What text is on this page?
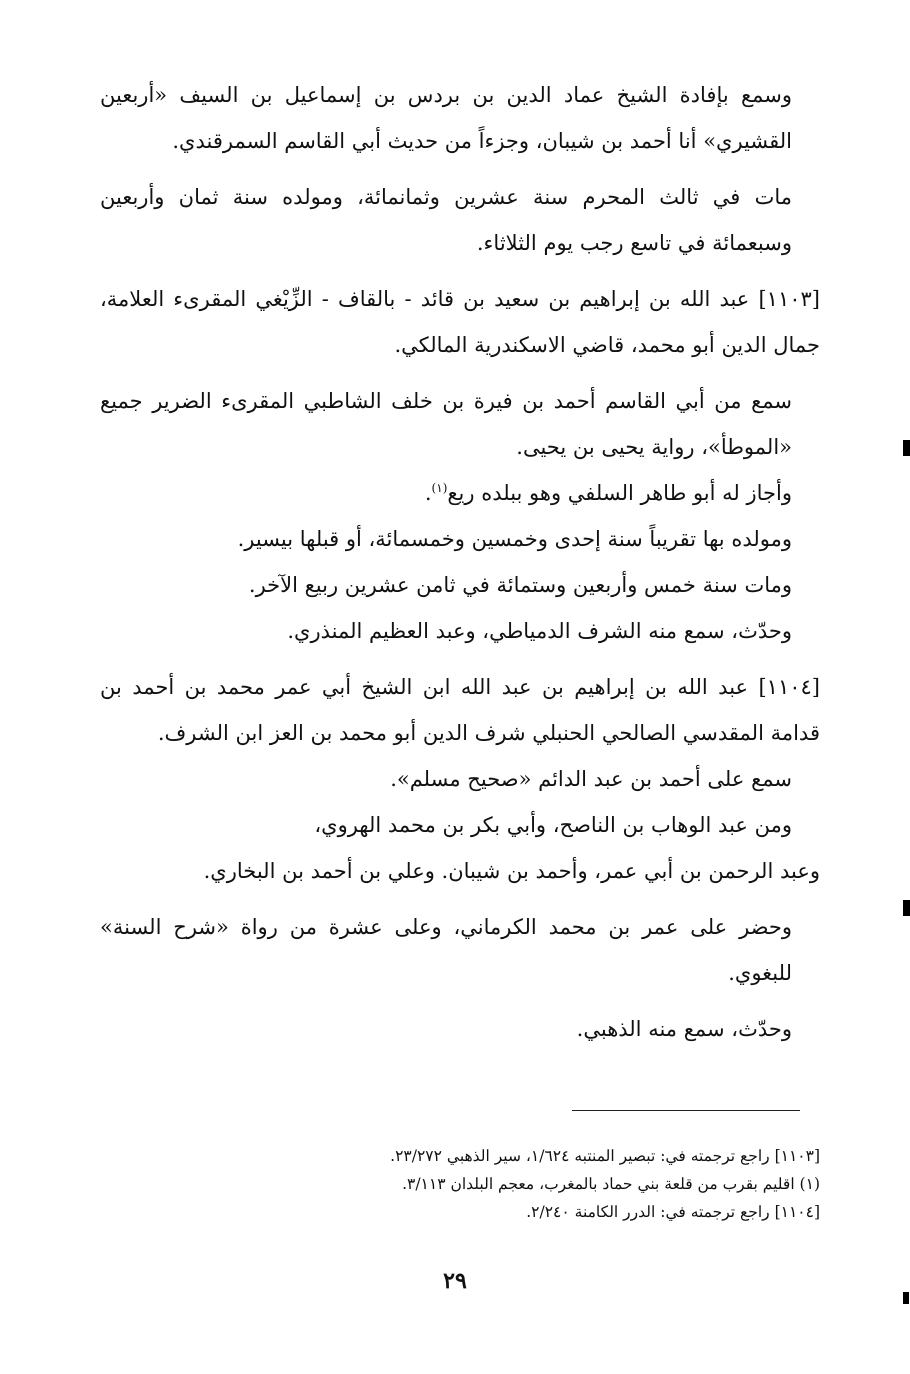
وسمع بإفادة الشيخ عماد الدين بن بردس بن إسماعيل بن السيف «أربعين القشيري» أنا أحمد بن شيبان، وجزءاً من حديث أبي القاسم السمرقندي.

مات في ثالث المحرم سنة عشرين وثمانمائة، ومولده سنة ثمان وأربعين وسبعمائة في تاسع رجب يوم الثلاثاء.

[١١٠٣] عبد الله بن إبراهيم بن سعيد بن قائد - بالقاف - الزِّيْغي المقرىء العلامة، جمال الدين أبو محمد، قاضي الاسكندرية المالكي.

سمع من أبي القاسم أحمد بن فيرة بن خلف الشاطبي المقرىء الضرير جميع «الموطأ»، رواية يحيى بن يحيى.

وأجاز له أبو طاهر السلفي وهو ببلده ريع$^{(١)}$.

ومولده بها تقريباً سنة إحدى وخمسين وخمسمائة، أو قبلها بيسير.

ومات سنة خمس وأربعين وستمائة في ثامن عشرين ربيع الآخر.

وحدّث، سمع منه الشرف الدمياطي، وعبد العظيم المنذري.

[١١٠٤] عبد الله بن إبراهيم بن عبد الله ابن الشيخ أبي عمر محمد بن أحمد بن قدامة المقدسي الصالحي الحنبلي شرف الدين أبو محمد بن العز ابن الشرف.

سمع على أحمد بن عبد الدائم «صحيح مسلم».

ومن عبد الوهاب بن الناصح، وأبي بكر بن محمد الهروي،

وعبد الرحمن بن أبي عمر، وأحمد بن شيبان. وعلي بن أحمد بن البخاري.

وحضر على عمر بن محمد الكرماني، وعلى عشرة من رواة «شرح السنة» للبغوي.

وحدّث، سمع منه الذهبي.

[١١٠٣] راجع ترجمته في: تبصير المنتبه ١/٦٢٤، سير الذهبي ٢٣/٢٧٢.
(١) اقليم بقرب من قلعة بني حماد بالمغرب، معجم البلدان ٣/١١٣.
[١١٠٤] راجع ترجمته في: الدرر الكامنة ٢/٢٤٠.
٢٩
